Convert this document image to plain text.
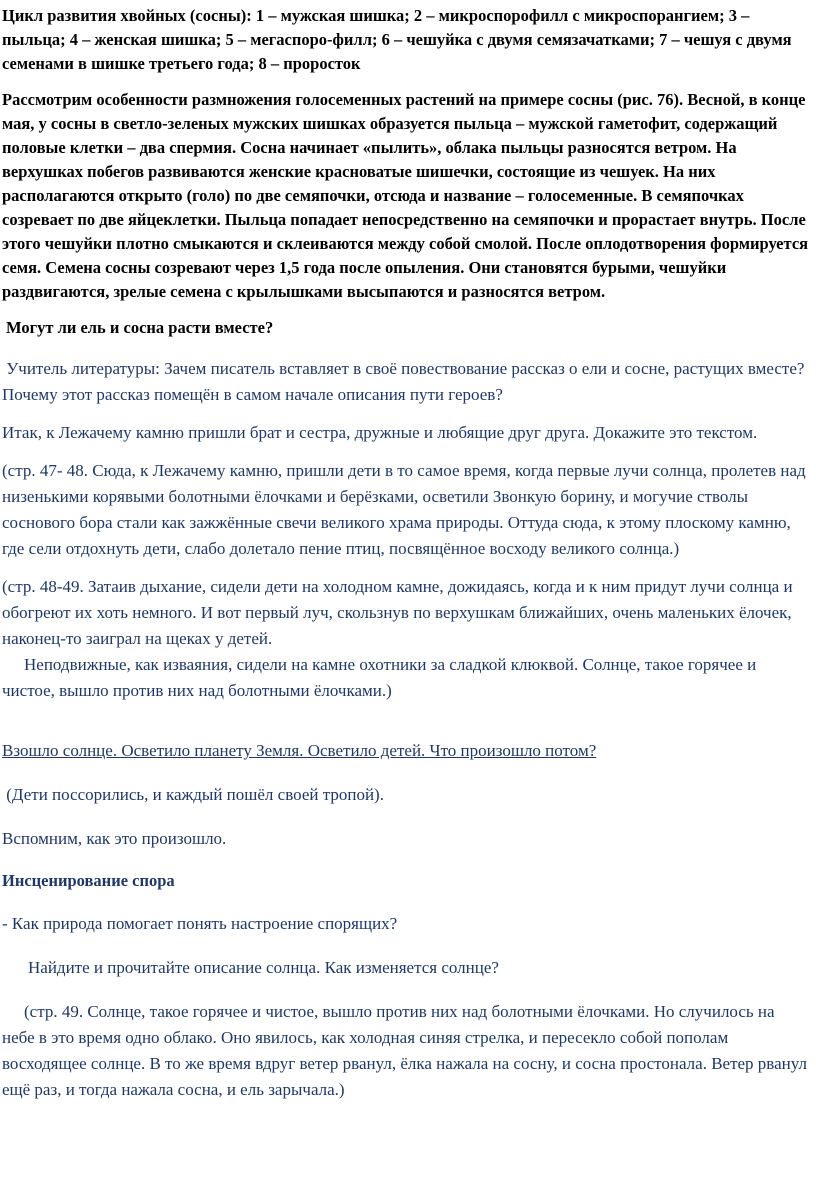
Цикл развития хвойных (сосны): 1 – мужская шишка; 2 – микроспорофилл с микроспорангием; 3 – пыльца; 4 – женская шишка; 5 – мегаспоро-филл; 6 – чешуйка с двумя семязачатками; 7 – чешуя с двумя семенами в шишке третьего года; 8 – проросток

Рассмотрим особенности размножения голосеменных растений на примере сосны (рис. 76). Весной, в конце мая, у сосны в светло-зеленых мужских шишках образуется пыльца – мужской гаметофит, содержащий половые клетки – два спермия. Сосна начинает «пылить», облака пыльцы разносятся ветром. На верхушках побегов развиваются женские красноватые шишечки, состоящие из чешуек. На них располагаются открыто (голо) по две семяпочки, отсюда и название – голосеменные. В семяпочках созревает по две яйцеклетки. Пыльца попадает непосредственно на семяпочки и прорастает внутрь. После этого чешуйки плотно смыкаются и склеиваются между собой смолой. После оплодотворения формируется семя. Семена сосны созревают через 1,5 года после опыления. Они становятся бурыми, чешуйки раздвигаются, зрелые семена с крылышками высыпаются и разносятся ветром.

Могут ли ель и сосна расти вместе?

Учитель литературы: Зачем писатель вставляет в своё повествование рассказ о ели и сосне, растущих вместе? Почему этот рассказ помещён в самом начале описания пути героев?

Итак, к Лежачему камню пришли брат и сестра, дружные и любящие друг друга. Докажите это текстом.

(стр. 47- 48. Сюда, к Лежачему камню, пришли дети в то самое время, когда первые лучи солнца, пролетев над низенькими корявыми болотными ёлочками и берёзками, осветили Звонкую борину, и могучие стволы соснового бора стали как зажжённые свечи великого храма природы. Оттуда сюда, к этому плоскому камню, где сели отдохнуть дети, слабо долетало пение птиц, посвящённое восходу великого солнца.)

(стр. 48-49. Затаив дыхание, сидели дети на холодном камне, дожидаясь, когда и к ним придут лучи солнца и обогреют их хоть немного. И вот первый луч, скользнув по верхушкам ближайших, очень маленьких ёлочек, наконец-то заиграл на щеках у детей.

Неподвижные, как изваяния, сидели на камне охотники за сладкой клюквой. Солнце, такое горячее и чистое, вышло против них над болотными ёлочками.)

Взошло солнце. Осветило планету Земля. Осветило детей. Что произошло потом?

(Дети поссорились, и каждый пошёл своей тропой).

Вспомним, как это произошло.

Инсценирование спора

- Как природа помогает понять настроение спорящих?

Найдите и прочитайте описание солнца. Как изменяется солнце?

(стр. 49. Солнце, такое горячее и чистое, вышло против них над болотными ёлочками. Но случилось на небе в это время одно облако. Оно явилось, как холодная синяя стрелка, и пересекло собой пополам восходящее солнце. В то же время вдруг ветер рванул, ёлка нажала на сосну, и сосна простонала. Ветер рванул ещё раз, и тогда нажала сосна, и ель зарычала.)
